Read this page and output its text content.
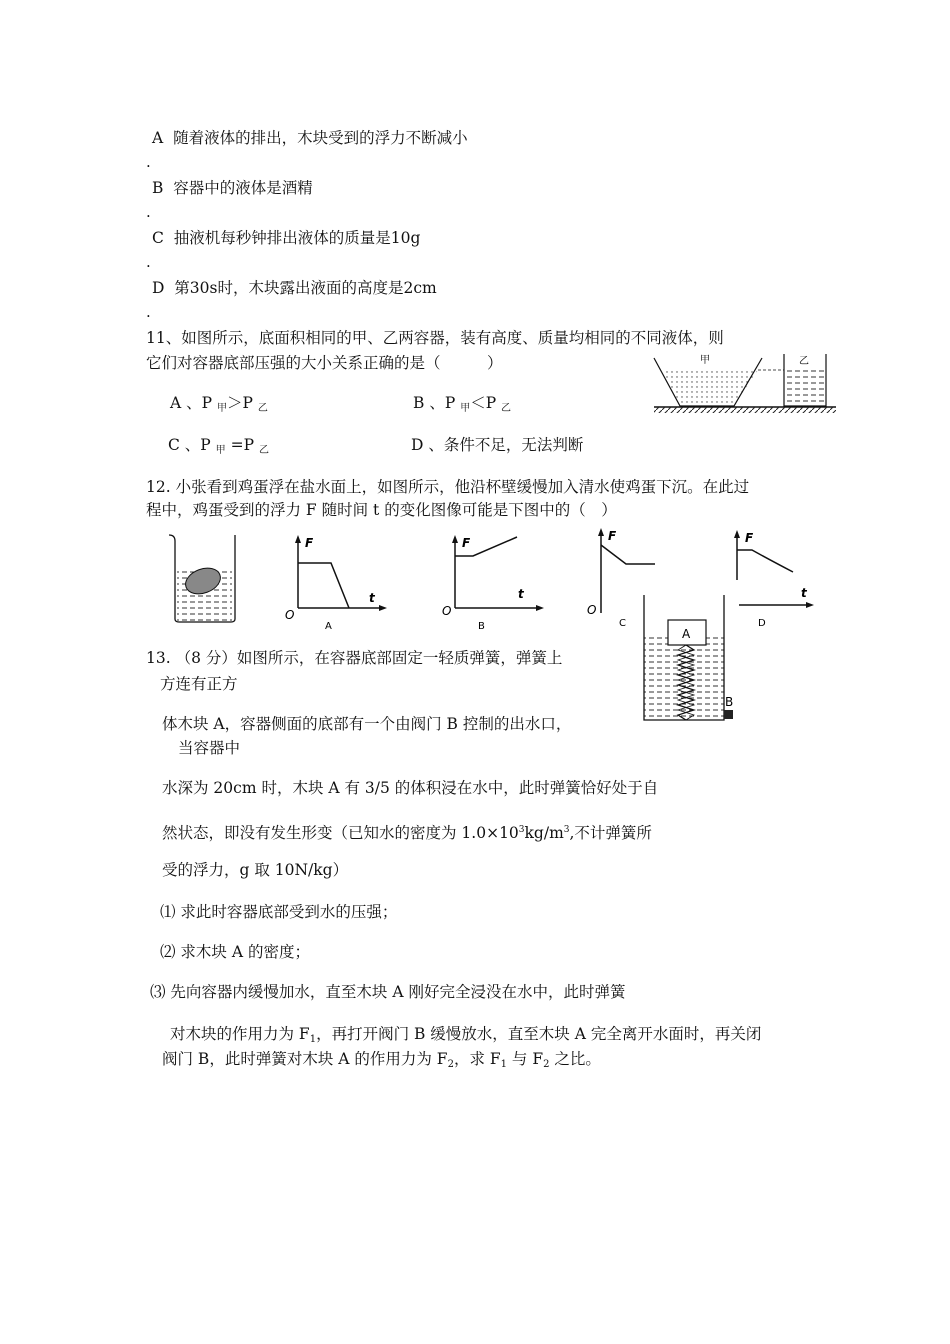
A 随着液体的排出，木块受到的浮力不断减小
.
B 容器中的液体是酒精
.
C 抽液机每秒钟排出液体的质量是10g
.
D 第30s时，木块露出液面的高度是2cm
.
11、如图所示，底面积相同的甲、乙两容器，装有高度、质量均相同的不同液体，则
它们对容器底部压强的大小关系正确的是（　　　）
A 、P $_甲$＞P $_乙$	B 、P $_甲$＜P $_乙$
C 、P $_甲$ =P $_乙$	D 、条件不足，无法判断
甲	乙
12. 小张看到鸡蛋浮在盐水面上，如图所示，他沿杯壁缓慢加入清水使鸡蛋下沉。在此过
程中，鸡蛋受到的浮力 F 随时间 t 的变化图像可能是下图中的（　）
F
t
O
A
F
t
O
B
F
O
C
F
t
D
13. （8 分）如图所示，在容器底部固定一轻质弹簧，弹簧上
方连有正方
体木块 A，容器侧面的底部有一个由阀门 B 控制的出水口，
当容器中
水深为 20cm 时，木块 A 有 3/5 的体积浸在水中，此时弹簧恰好处于自
然状态，即没有发生形变（已知水的密度为 $1.0\times 10^3kg/m^3$,不计弹簧所
受的浮力，g 取 10N/kg）
⑴ 求此时容器底部受到水的压强；
⑵ 求木块 A 的密度；
⑶ 先向容器内缓慢加水，直至木块 A 刚好完全浸没在水中，此时弹簧
对木块的作用力为 $F_1$，再打开阀门 B 缓慢放水，直至木块 A 完全离开水面时，再关闭
阀门 B，此时弹簧对木块 A 的作用力为 $F_2$，求 $F_1$ 与 $F_2$ 之比。
A
B
